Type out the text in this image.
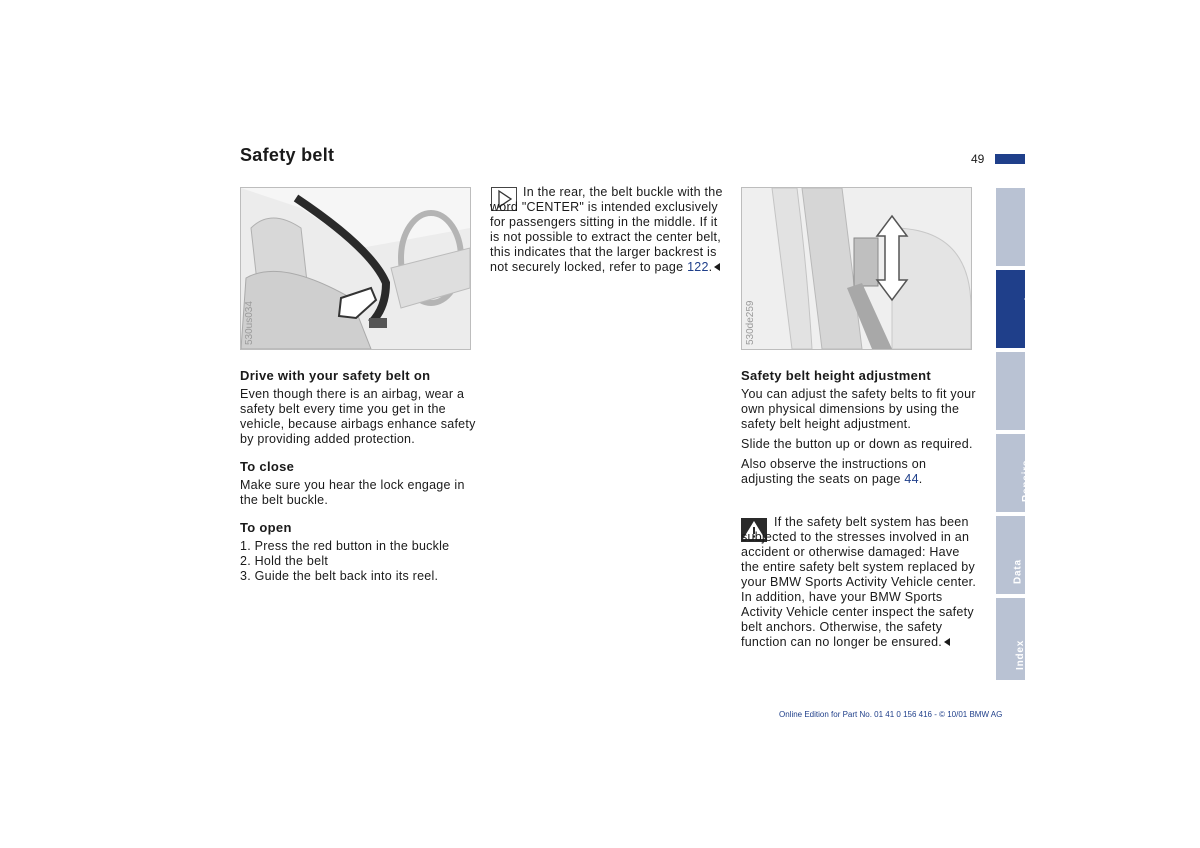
Safety belt	49
530us034
Drive with your safety belt on

Even though there is an airbag, wear a safety belt every time you get in the vehicle, because airbags enhance safety by providing added protection.

To close

Make sure you hear the lock engage in the belt buckle.

To open
1. Press the red button in the buckle
2. Hold the belt
3. Guide the belt back into its reel.
In the rear, the belt buckle with the word "CENTER" is intended exclusively for passengers sitting in the middle. If it is not possible to extract the center belt, this indicates that the larger backrest is not securely locked, refer to page 122.
530de259
Safety belt height adjustment

You can adjust the safety belts to fit your own physical dimensions by using the safety belt height adjustment.

Slide the button up or down as required.

Also observe the instructions on adjusting the seats on page 44.

If the safety belt system has been subjected to the stresses involved in an accident or otherwise damaged: Have the entire safety belt system replaced by your BMW Sports Activity Vehicle center. In addition, have your BMW Sports Activity Vehicle center inspect the safety belt anchors. Otherwise, the safety function can no longer be ensured.
Overview
Controls
Maintenance
Repairs
Data
Index
Online Edition for Part No. 01 41 0 156 416 - © 10/01 BMW AG
